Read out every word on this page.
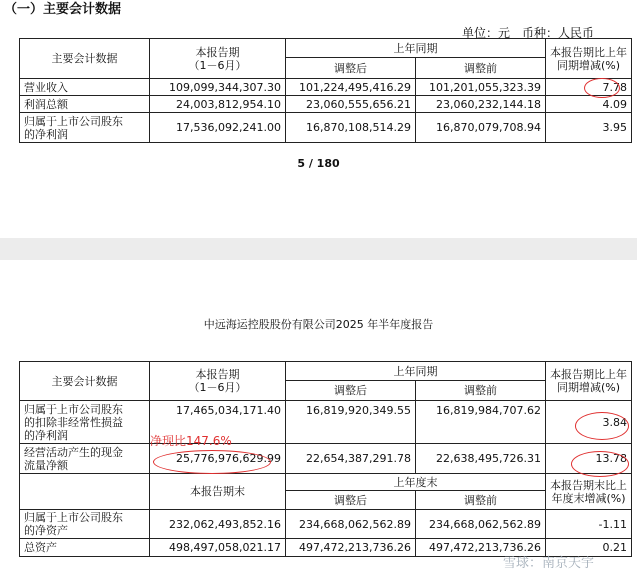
（一）主要会计数据
单位：元　币种：人民币
主要会计数据	本报告期
（1－6月）	上年同期		本报告期比上年
同期增减(%)
		调整后	调整前	
营业收入	109,099,344,307.30	101,224,495,416.29	101,201,055,323.39	7.78
利润总额	24,003,812,954.10	23,060,555,656.21	23,060,232,144.18	4.09
归属于上市公司股东
的净利润	17,536,092,241.00	16,870,108,514.29	16,870,079,708.94	3.95
5 / 180
中远海运控股股份有限公司2025 年半年度报告
主要会计数据	本报告期
（1－6月）	上年同期		本报告期比上年
同期增减(%)
		调整后	调整前	
归属于上市公司股东
的扣除非经常性损益
的净利润	17,465,034,171.40	16,819,920,349.55	16,819,984,707.62	3.84
经营活动产生的现金
流量净额	25,776,976,629.99	22,654,387,291.78	22,638,495,726.31	13.78
	本报告期末	上年度末		本报告期末比上
年度末增减(%)
		调整后	调整前	
归属于上市公司股东
的净资产	232,062,493,852.16	234,668,062,562.89	234,668,062,562.89	-1.11
总资产	498,497,058,021.17	497,472,213,736.26	497,472,213,736.26	0.21
净现比147.6%
雪球：南京天宇
